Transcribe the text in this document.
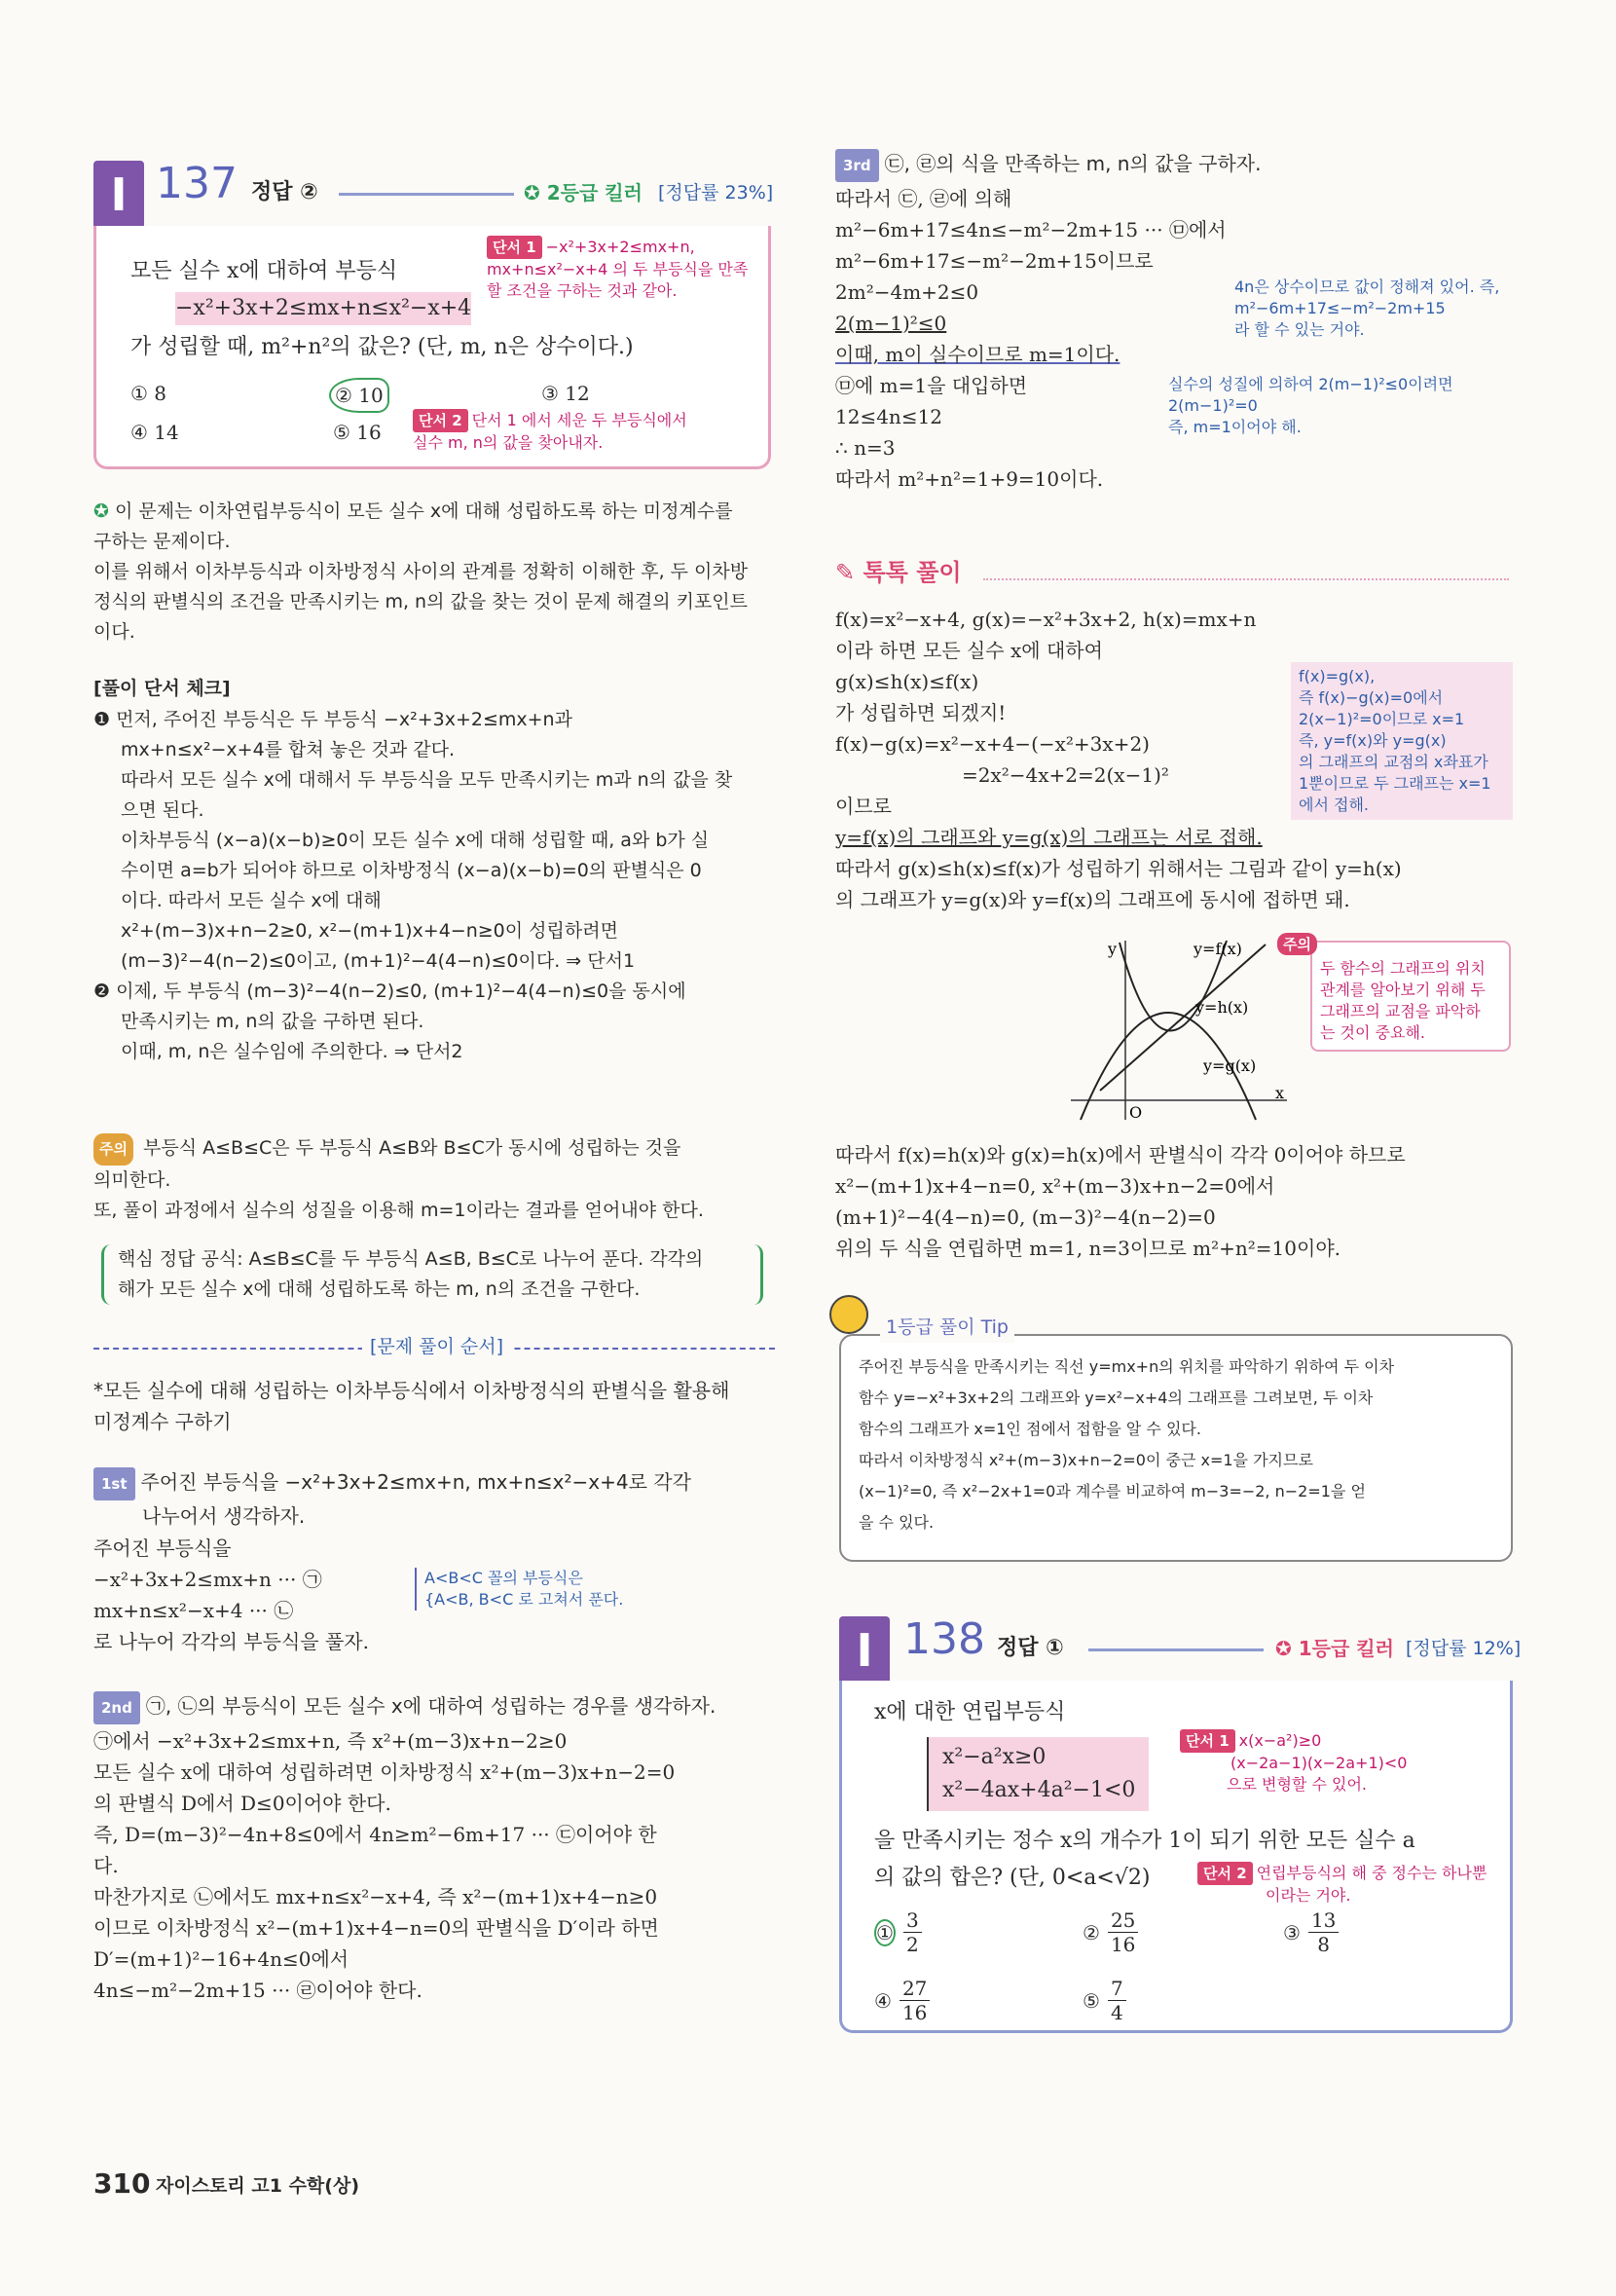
I 137 정답 ②	✪ 2등급 킬러 [정답률 23%]
모든 실수 x에 대하여 부등식
−x²+3x+2≤mx+n≤x²−x+4
가 성립할 때, m²+n²의 값은? (단, m, n은 상수이다.)
단서 1 −x²+3x+2≤mx+n, mx+n≤x²−x+4 의 두 부등식을 만족할 조건을 구하는 것과 같아.
① 8	② 10	③ 12
④ 14	⑤ 16	단서 2 단서 1 에서 세운 두 부등식에서 실수 m, n의 값을 찾아내자.
✪ 이 문제는 이차연립부등식이 모든 실수 x에 대해 성립하도록 하는 미정계수를
구하는 문제이다.
이를 위해서 이차부등식과 이차방정식 사이의 관계를 정확히 이해한 후, 두 이차방
정식의 판별식의 조건을 만족시키는 m, n의 값을 찾는 것이 문제 해결의 키포인트
이다.
[풀이 단서 체크]
❶ 먼저, 주어진 부등식은 두 부등식 −x²+3x+2≤mx+n과
mx+n≤x²−x+4를 합쳐 놓은 것과 같다.
따라서 모든 실수 x에 대해서 두 부등식을 모두 만족시키는 m과 n의 값을 찾
으면 된다.
이차부등식 (x−a)(x−b)≥0이 모든 실수 x에 대해 성립할 때, a와 b가 실
수이면 a=b가 되어야 하므로 이차방정식 (x−a)(x−b)=0의 판별식은 0
이다. 따라서 모든 실수 x에 대해
x²+(m−3)x+n−2≥0, x²−(m+1)x+4−n≥0이 성립하려면
(m−3)²−4(n−2)≤0이고, (m+1)²−4(4−n)≤0이다. ⇒ 단서1
❷ 이제, 두 부등식 (m−3)²−4(n−2)≤0, (m+1)²−4(4−n)≤0을 동시에
만족시키는 m, n의 값을 구하면 된다.
이때, m, n은 실수임에 주의한다. ⇒ 단서2
주의 부등식 A≤B≤C은 두 부등식 A≤B와 B≤C가 동시에 성립하는 것을
의미한다.
또, 풀이 과정에서 실수의 성질을 이용해 m=1이라는 결과를 얻어내야 한다.
핵심 정답 공식: A≤B≤C를 두 부등식 A≤B, B≤C로 나누어 푼다. 각각의
해가 모든 실수 x에 대해 성립하도록 하는 m, n의 조건을 구한다.
[문제 풀이 순서]
*모든 실수에 대해 성립하는 이차부등식에서 이차방정식의 판별식을 활용해
미정계수 구하기
1st 주어진 부등식을 −x²+3x+2≤mx+n, mx+n≤x²−x+4로 각각
나누어서 생각하자.
주어진 부등식을
−x²+3x+2≤mx+n ··· ㉠
mx+n≤x²−x+4 ··· ㉡
로 나누어 각각의 부등식을 풀자.
A<B<C 꼴의 부등식은
{A<B, B<C 로 고쳐서 푼다.
2nd ㉠, ㉡의 부등식이 모든 실수 x에 대하여 성립하는 경우를 생각하자.
㉠에서 −x²+3x+2≤mx+n, 즉 x²+(m−3)x+n−2≥0
모든 실수 x에 대하여 성립하려면 이차방정식 x²+(m−3)x+n−2=0
의 판별식 D에서 D≤0이어야 한다.
즉, D=(m−3)²−4n+8≤0에서 4n≥m²−6m+17 ··· ㉢이어야 한
다.
마찬가지로 ㉡에서도 mx+n≤x²−x+4, 즉 x²−(m+1)x+4−n≥0
이므로 이차방정식 x²−(m+1)x+4−n=0의 판별식을 D′이라 하면
D′=(m+1)²−16+4n≤0에서
4n≤−m²−2m+15 ··· ㉣이어야 한다.
3rd ㉢, ㉣의 식을 만족하는 m, n의 값을 구하자.
따라서 ㉢, ㉣에 의해
m²−6m+17≤4n≤−m²−2m+15 ··· ㉤에서
m²−6m+17≤−m²−2m+15이므로
2m²−4m+2≤0
2(m−1)²≤0
이때, m이 실수이므로 m=1이다.
㉤에 m=1을 대입하면
12≤4n≤12
∴ n=3
따라서 m²+n²=1+9=10이다.
4n은 상수이므로 값이 정해져 있어. 즉,
m²−6m+17≤−m²−2m+15
라 할 수 있는 거야.
실수의 성질에 의하여 2(m−1)²≤0이려면
2(m−1)²=0
즉, m=1이어야 해.
✎ 톡톡 풀이
f(x)=x²−x+4, g(x)=−x²+3x+2, h(x)=mx+n
이라 하면 모든 실수 x에 대하여
g(x)≤h(x)≤f(x)
가 성립하면 되겠지!
f(x)−g(x)=x²−x+4−(−x²+3x+2)
=2x²−4x+2=2(x−1)²
이므로
y=f(x)의 그래프와 y=g(x)의 그래프는 서로 접해.
따라서 g(x)≤h(x)≤f(x)가 성립하기 위해서는 그림과 같이 y=h(x)
의 그래프가 y=g(x)와 y=f(x)의 그래프에 동시에 접하면 돼.
f(x)=g(x),
즉 f(x)−g(x)=0에서
2(x−1)²=0이므로 x=1
즉, y=f(x)와 y=g(x)
의 그래프의 교점의 x좌표가
1뿐이므로 두 그래프는 x=1
에서 접해.
y=f(x)
y=h(x)
y=g(x)
x
y
O
두 함수의 그래프의 위치
관계를 알아보기 위해 두
그래프의 교점을 파악하
는 것이 중요해.
주의
따라서 f(x)=h(x)와 g(x)=h(x)에서 판별식이 각각 0이어야 하므로
x²−(m+1)x+4−n=0, x²+(m−3)x+n−2=0에서
(m+1)²−4(4−n)=0, (m−3)²−4(n−2)=0
위의 두 식을 연립하면 m=1, n=3이므로 m²+n²=10이야.
1등급 풀이 Tip
주어진 부등식을 만족시키는 직선 y=mx+n의 위치를 파악하기 위하여 두 이차
함수 y=−x²+3x+2의 그래프와 y=x²−x+4의 그래프를 그려보면, 두 이차
함수의 그래프가 x=1인 점에서 접함을 알 수 있다.
따라서 이차방정식 x²+(m−3)x+n−2=0이 중근 x=1을 가지므로
(x−1)²=0, 즉 x²−2x+1=0과 계수를 비교하여 m−3=−2, n−2=1을 얻
을 수 있다.
I 138 정답 ①	✪ 1등급 킬러 [정답률 12%]
x에 대한 연립부등식
x²−a²x≥0
x²−4ax+4a²−1<0
단서 1 x(x−a²)≥0
(x−2a−1)(x−2a+1)<0
으로 변형할 수 있어.
을 만족시키는 정수 x의 개수가 1이 되기 위한 모든 실수 a
의 값의 합은? (단, 0<a<√2)	단서 2 연립부등식의 해 중 정수는 하나뿐
이라는 거야.
① $\frac{3}{2}$	② $\frac{25}{16}$	③ $\frac{13}{8}$
④ $\frac{27}{16}$	⑤ $\frac{7}{4}$
310 자이스토리 고1 수학(상)
